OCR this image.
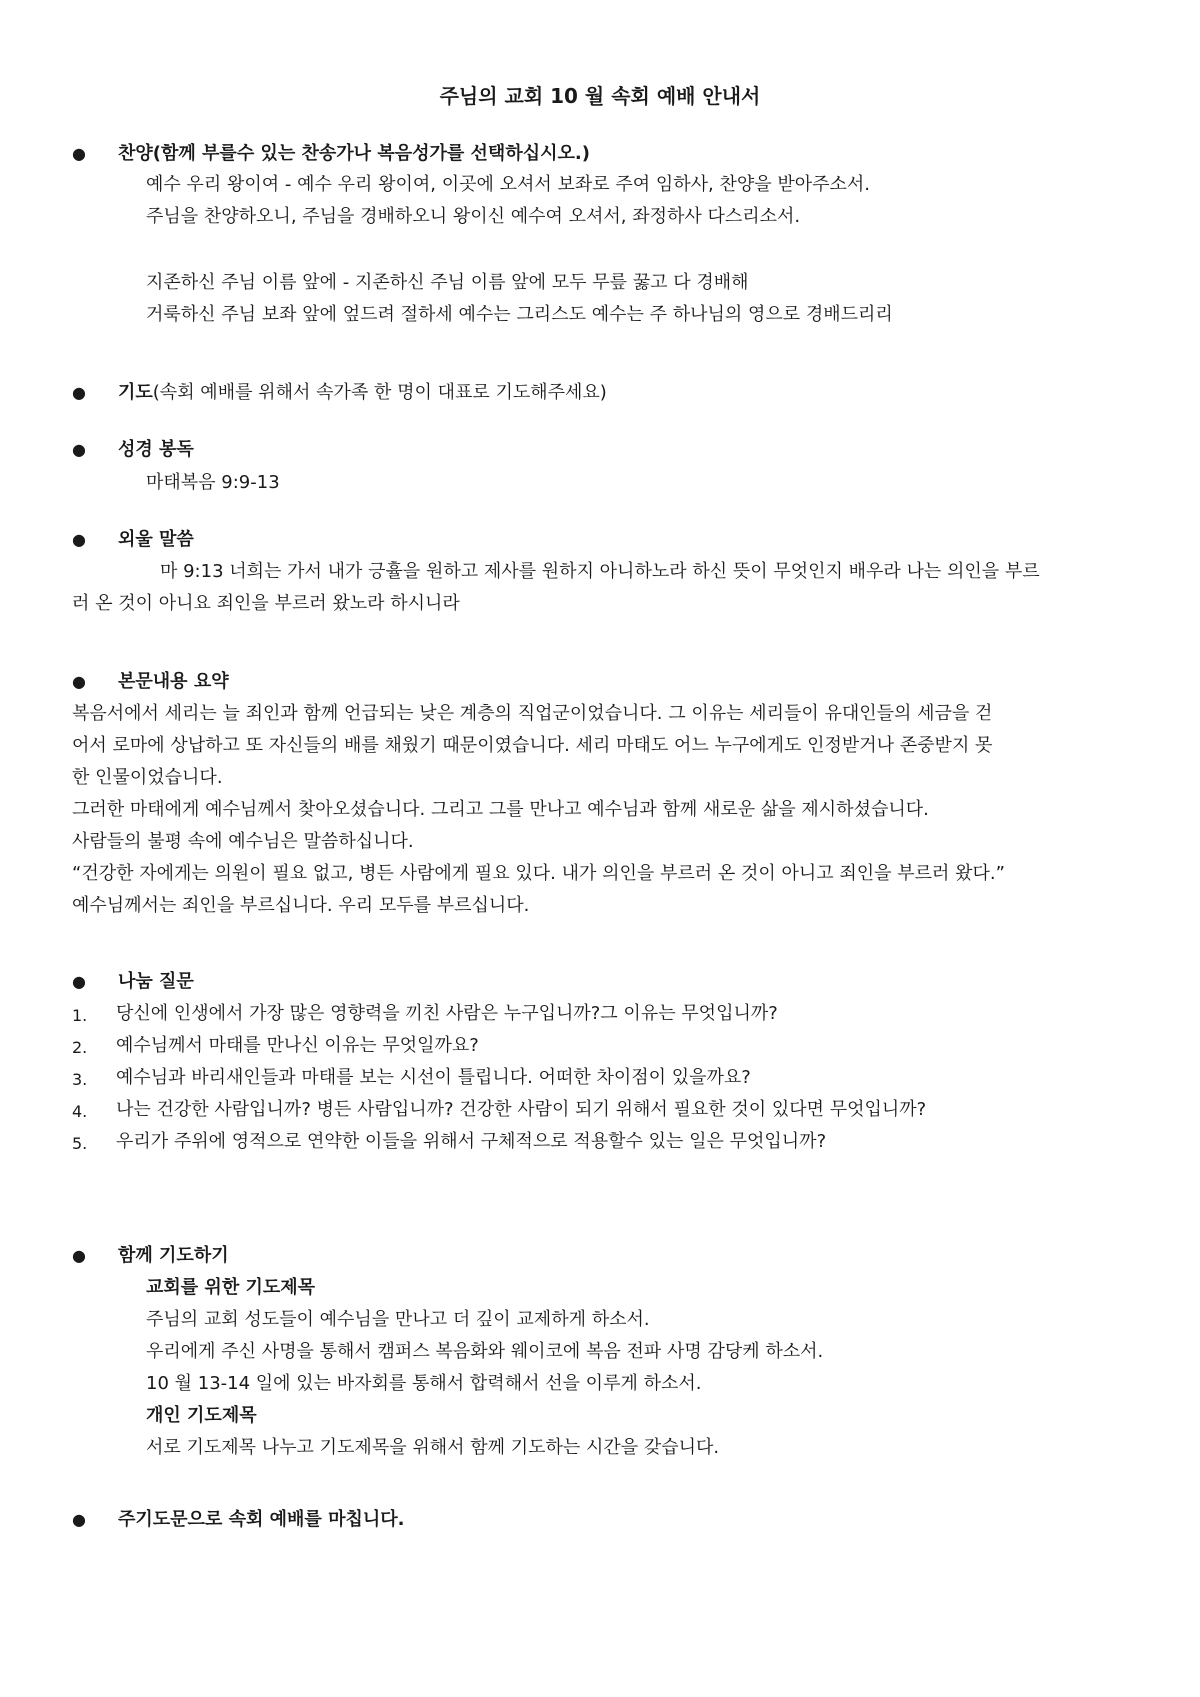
주님의 교회 10 월 속회 예배 안내서
● 찬양(함께 부를수 있는 찬송가나 복음성가를 선택하십시오.)

예수 우리 왕이여 - 예수 우리 왕이여, 이곳에 오셔서 보좌로 주여 임하사, 찬양을 받아주소서.

주님을 찬양하오니, 주님을 경배하오니 왕이신 예수여 오셔서, 좌정하사 다스리소서.

지존하신 주님 이름 앞에 - 지존하신 주님 이름 앞에 모두 무릎 꿇고 다 경배해

거룩하신 주님 보좌 앞에 엎드려 절하세 예수는 그리스도 예수는 주 하나님의 영으로 경배드리리

● 기도(속회 예배를 위해서 속가족 한 명이 대표로 기도해주세요)
● 성경 봉독

마태복음 9:9-13

● 외울 말씀

마 9:13 너희는 가서 내가 긍휼을 원하고 제사를 원하지 아니하노라 하신 뜻이 무엇인지 배우라 나는 의인을 부르

러 온 것이 아니요 죄인을 부르러 왔노라 하시니라

● 본문내용 요약

복음서에서 세리는 늘 죄인과 함께 언급되는 낮은 계층의 직업군이었습니다. 그 이유는 세리들이 유대인들의 세금을 걷

어서 로마에 상납하고 또 자신들의 배를 채웠기 때문이였습니다. 세리 마태도 어느 누구에게도 인정받거나 존중받지 못

한 인물이었습니다.

그러한 마태에게 예수님께서 찾아오셨습니다. 그리고 그를 만나고 예수님과 함께 새로운 삶을 제시하셨습니다.

사람들의 불평 속에 예수님은 말씀하십니다.

“건강한 자에게는 의원이 필요 없고, 병든 사람에게 필요 있다. 내가 의인을 부르러 온 것이 아니고 죄인을 부르러 왔다.”

예수님께서는 죄인을 부르십니다. 우리 모두를 부르십니다.

● 나눔 질문
1. 당신에 인생에서 가장 많은 영향력을 끼친 사람은 누구입니까?그 이유는 무엇입니까?
2. 예수님께서 마태를 만나신 이유는 무엇일까요?
3. 예수님과 바리새인들과 마태를 보는 시선이 틀립니다. 어떠한 차이점이 있을까요?
4. 나는 건강한 사람입니까? 병든 사람입니까? 건강한 사람이 되기 위해서 필요한 것이 있다면 무엇입니까?
5. 우리가 주위에 영적으로 연약한 이들을 위해서 구체적으로 적용할수 있는 일은 무엇입니까?
● 함께 기도하기
교회를 위한 기도제목

주님의 교회 성도들이 예수님을 만나고 더 깊이 교제하게 하소서.

우리에게 주신 사명을 통해서 캠퍼스 복음화와 웨이코에 복음 전파 사명 감당케 하소서.

10 월 13-14 일에 있는 바자회를 통해서 합력해서 선을 이루게 하소서.

개인 기도제목

서로 기도제목 나누고 기도제목을 위해서 함께 기도하는 시간을 갖습니다.

● 주기도문으로 속회 예배를 마칩니다.
